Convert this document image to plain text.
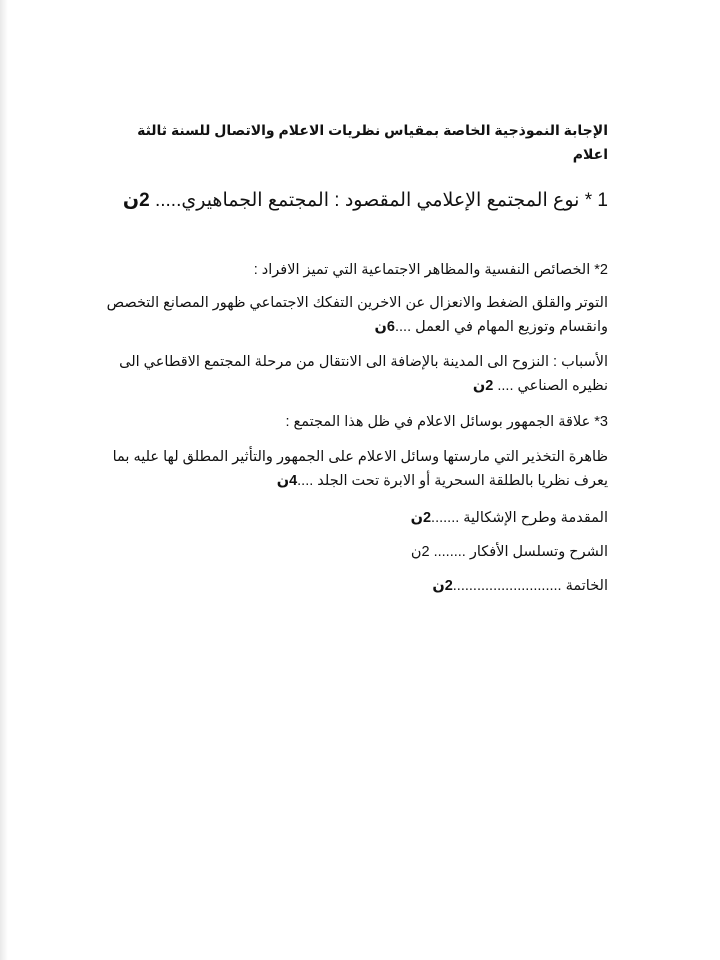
الإجابة النموذجية الخاصة بمقياس نظريات الاعلام والاتصال للسنة ثالثة اعلام
1 * نوع المجتمع الإعلامي المقصود : المجتمع الجماهيري..... 2ن
2* الخصائص النفسية والمظاهر الاجتماعية التي تميز الافراد :
التوتر والقلق الضغط والانعزال عن الاخرين التفكك الاجتماعي ظهور المصانع التخصص وانقسام وتوزيع المهام في العمل ....6ن
الأسباب : النزوح الى المدينة بالإضافة الى الانتقال من مرحلة المجتمع الاقطاعي الى نظيره الصناعي .... 2ن
3* علاقة الجمهور بوسائل الاعلام في ظل هذا المجتمع :
ظاهرة التخذير التي مارستها وسائل الاعلام على الجمهور والتأثير المطلق لها عليه بما يعرف نظريا بالطلقة السحرية أو الابرة تحت الجلد ....4ن
المقدمة وطرح الإشكالية .......2ن
الشرح وتسلسل الأفكار ........ 2ن
الخاتمة ...........................2ن
